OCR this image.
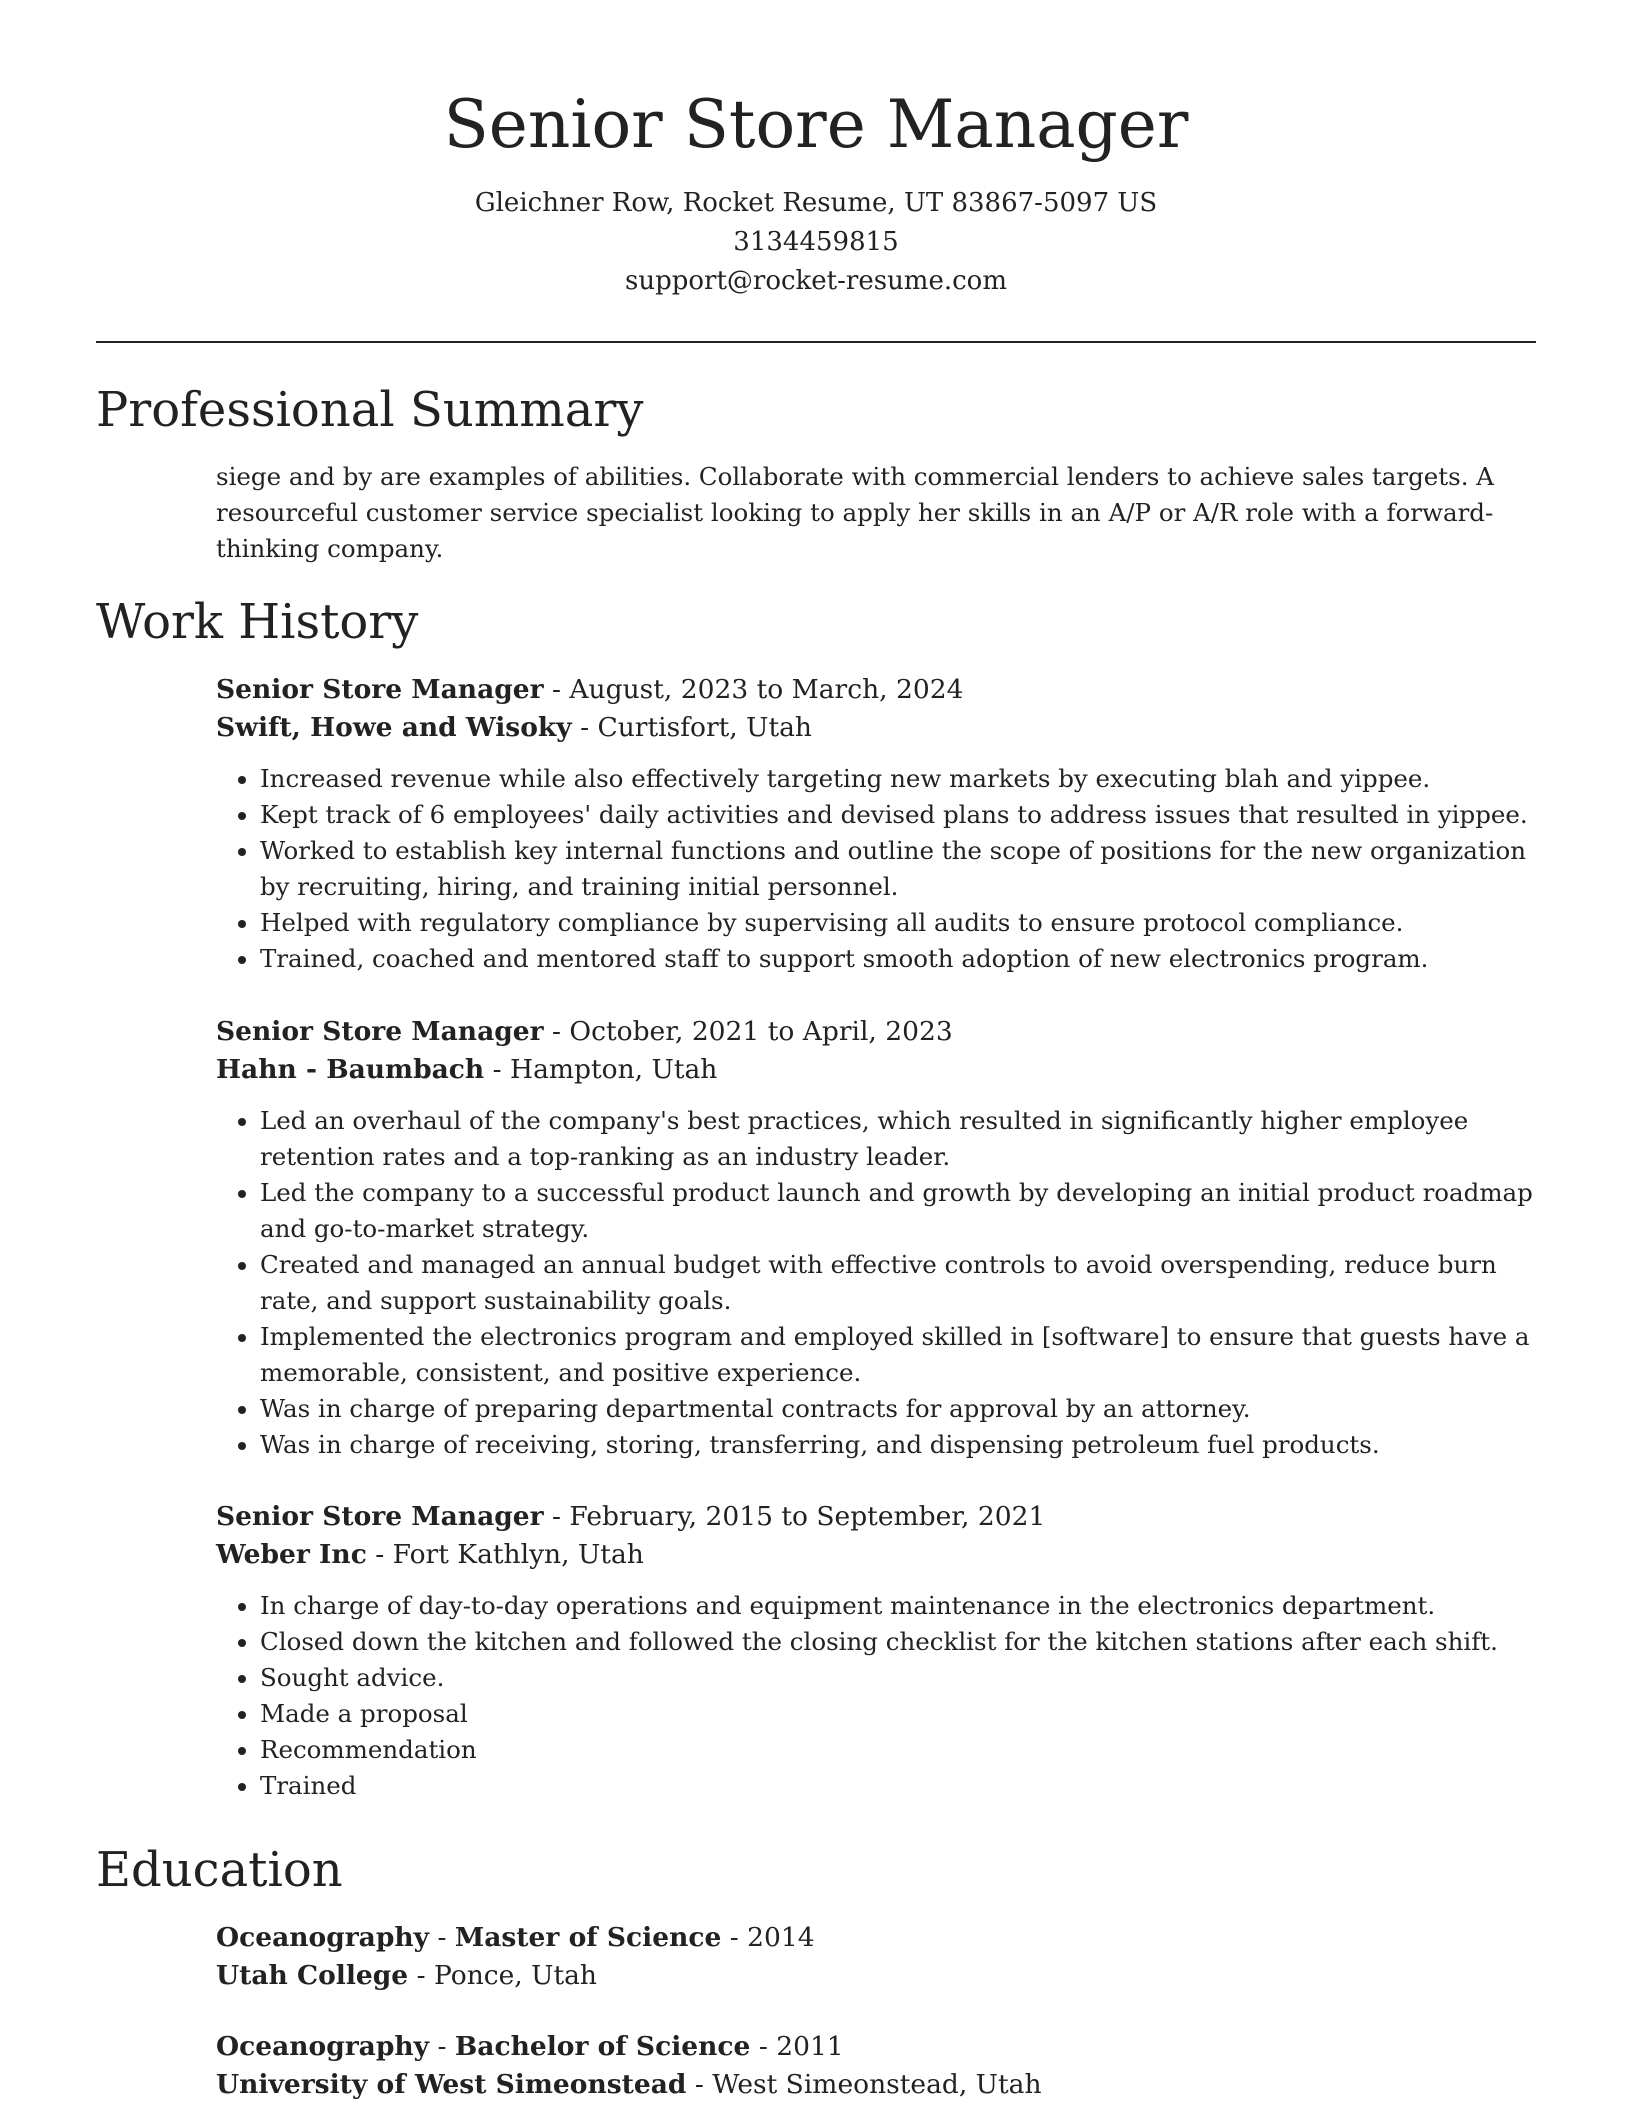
Senior Store Manager
Gleichner Row, Rocket Resume, UT 83867-5097 US
3134459815
support@rocket-resume.com
Professional Summary

siege and by are examples of abilities. Collaborate with commercial lenders to achieve sales targets. A resourceful customer service specialist looking to apply her skills in an A/P or A/R role with a forward-thinking company.

Work History
Senior Store Manager - August, 2023 to March, 2024
Swift, Howe and Wisoky - Curtisfort, Utah
• Increased revenue while also effectively targeting new markets by executing blah and yippee.
• Kept track of 6 employees' daily activities and devised plans to address issues that resulted in yippee.
• Worked to establish key internal functions and outline the scope of positions for the new organization by recruiting, hiring, and training initial personnel.
• Helped with regulatory compliance by supervising all audits to ensure protocol compliance.
• Trained, coached and mentored staff to support smooth adoption of new electronics program.
Senior Store Manager - October, 2021 to April, 2023
Hahn - Baumbach - Hampton, Utah
• Led an overhaul of the company's best practices, which resulted in significantly higher employee retention rates and a top-ranking as an industry leader.
• Led the company to a successful product launch and growth by developing an initial product roadmap and go-to-market strategy.
• Created and managed an annual budget with effective controls to avoid overspending, reduce burn rate, and support sustainability goals.
• Implemented the electronics program and employed skilled in [software] to ensure that guests have a memorable, consistent, and positive experience.
• Was in charge of preparing departmental contracts for approval by an attorney.
• Was in charge of receiving, storing, transferring, and dispensing petroleum fuel products.
Senior Store Manager - February, 2015 to September, 2021
Weber Inc - Fort Kathlyn, Utah
• In charge of day-to-day operations and equipment maintenance in the electronics department.
• Closed down the kitchen and followed the closing checklist for the kitchen stations after each shift.
• Sought advice.
• Made a proposal
• Recommendation
• Trained
Education
Oceanography - Master of Science - 2014
Utah College - Ponce, Utah
Oceanography - Bachelor of Science - 2011
University of West Simeonstead - West Simeonstead, Utah
